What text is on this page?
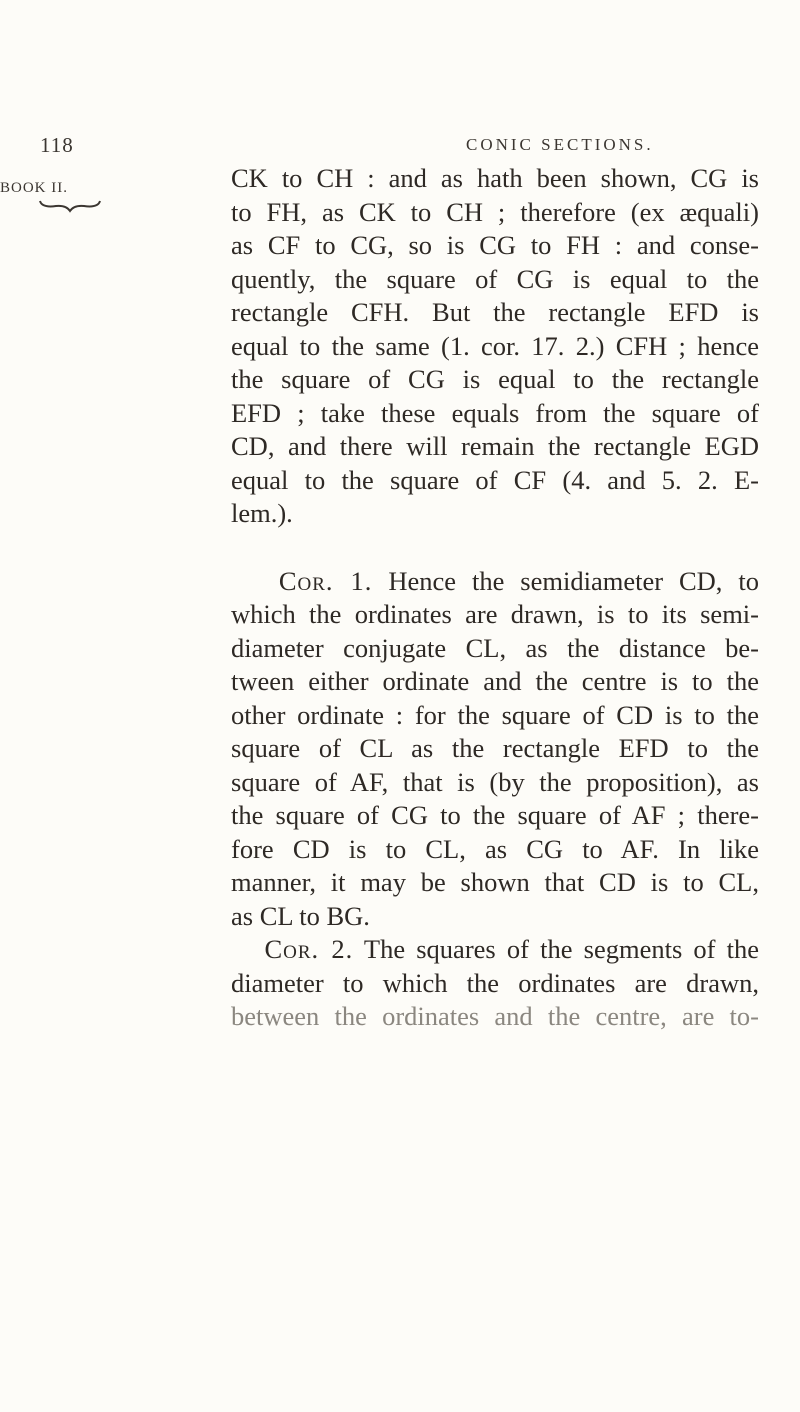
118	CONIC SECTIONS.
BOOK II.	CK to CH : and as hath been shown, CG is
to FH, as CK to CH ; therefore (ex æquali)
as CF to CG, so is CG to FH : and conse-
quently, the square of CG is equal to the
rectangle CFH. But the rectangle EFD is
equal to the same (1. cor. 17. 2.) CFH ; hence
the square of CG is equal to the rectangle
EFD ; take these equals from the square of
CD, and there will remain the rectangle EGD
equal to the square of CF (4. and 5. 2. E-
lem.).
Cor. 1. Hence the semidiameter CD, to
which the ordinates are drawn, is to its semi-
diameter conjugate CL, as the distance be-
tween either ordinate and the centre is to the
other ordinate : for the square of CD is to the
square of CL as the rectangle EFD to the
square of AF, that is (by the proposition), as
the square of CG to the square of AF ; there-
fore CD is to CL, as CG to AF. In like
manner, it may be shown that CD is to CL,
as CL to BG.
Cor. 2. The squares of the segments of the
diameter to which the ordinates are drawn,
between the ordinates and the centre, are to-
